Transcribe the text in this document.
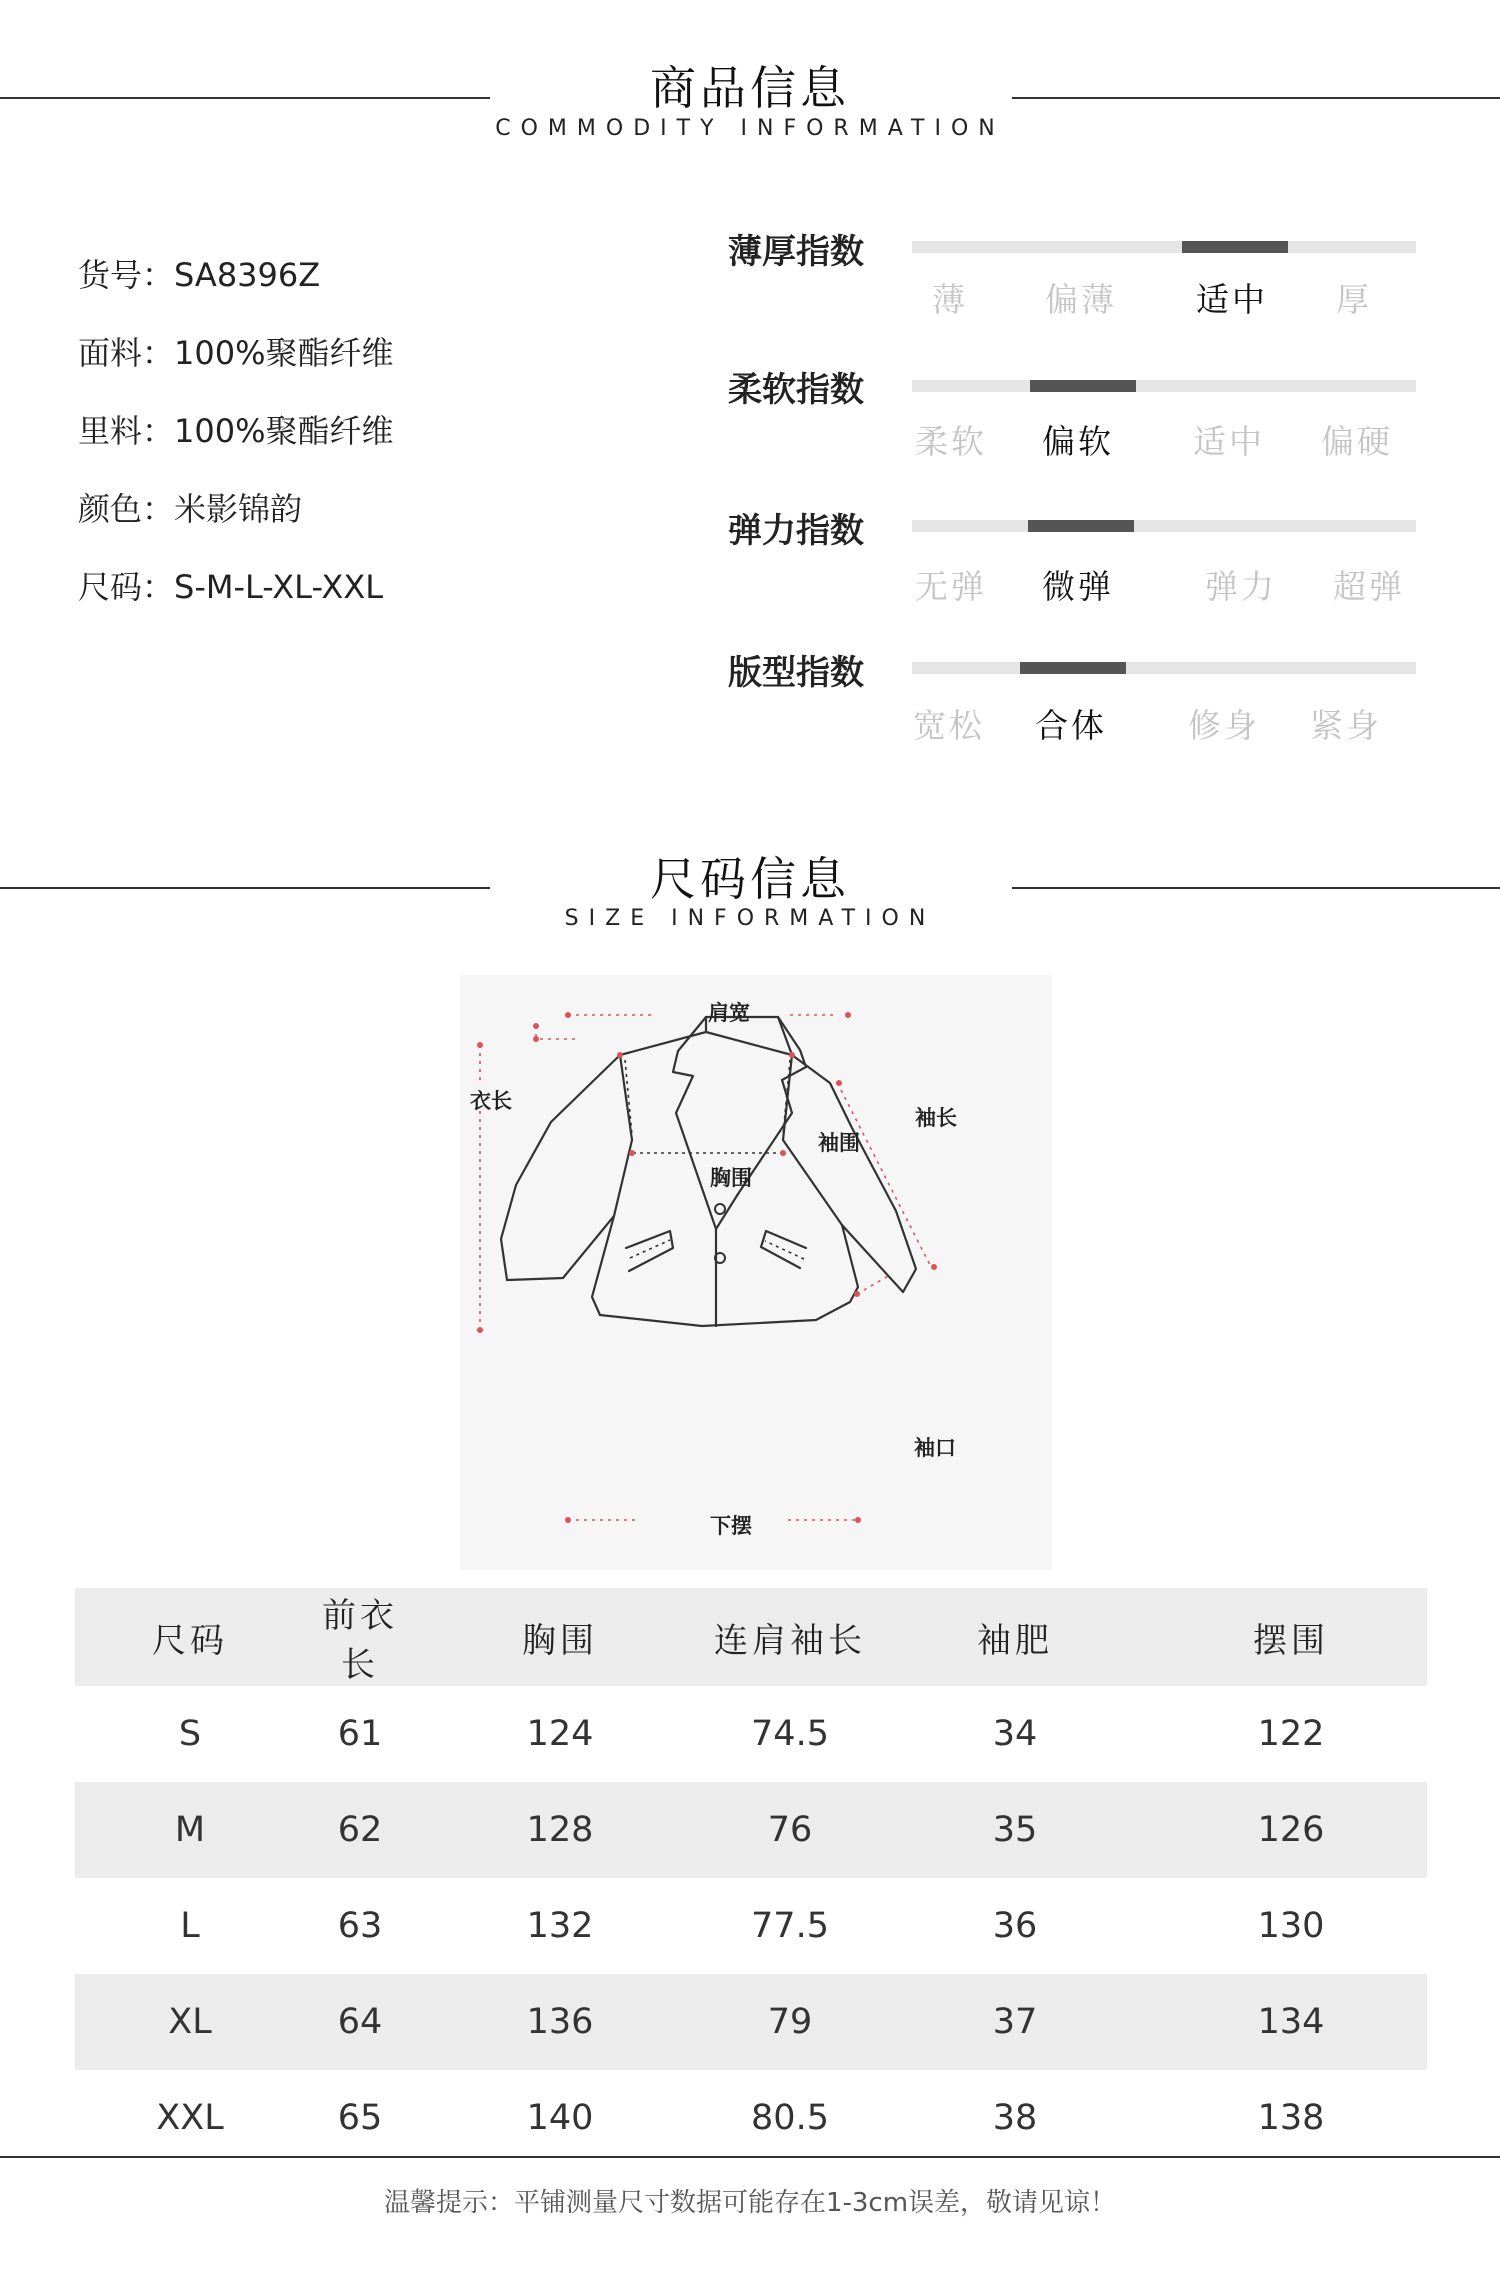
商品信息
COMMODITY INFORMATION
货号：SA8396Z
面料：100%聚酯纤维
里料：100%聚酯纤维
颜色：米影锦韵
尺码：S-M-L-XL-XXL
薄厚指数
薄 偏薄 适中 厚
柔软指数
柔软 偏软 适中 偏硬
弹力指数
无弹 微弹	弹力 超弹
版型指数
宽松 合体 修身 紧身
尺码信息
SIZE INFORMATION
肩宽
衣长
袖围
袖长
胸围
袖口
下摆
尺码	前衣长	胸围	连肩袖长	袖肥	摆围
S	61	124	74.5	34	122
M	62	128	76	35	126
L	63	132	77.5	36	130
XL	64	136	79	37	134
XXL	65	140	80.5	38	138
温馨提示：平铺测量尺寸数据可能存在1-3cm误差，敬请见谅！
